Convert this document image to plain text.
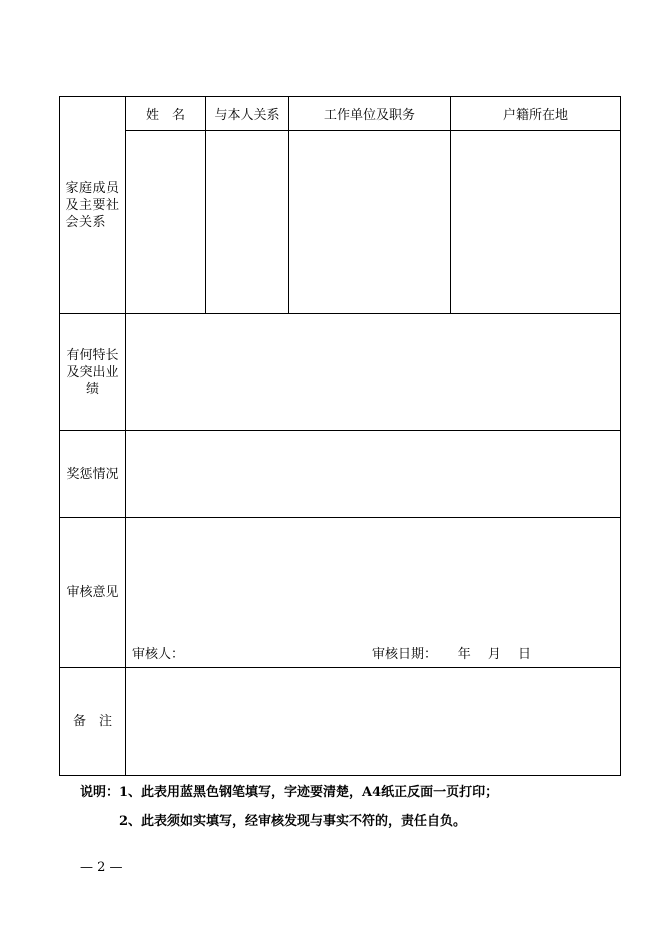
家庭成员及主要社会关系	姓　名	与本人关系	工作单位及职务	户籍所在地

有何特长及突出业绩				

奖惩情况				
审核意见	审核人： 审核日期： 年　 月　 日			

备　注				
说明：1、此表用蓝黑色钢笔填写，字迹要清楚，A4纸正反面一页打印；
　　　2、此表须如实填写，经审核发现与事实不符的，责任自负。
— 2 —
